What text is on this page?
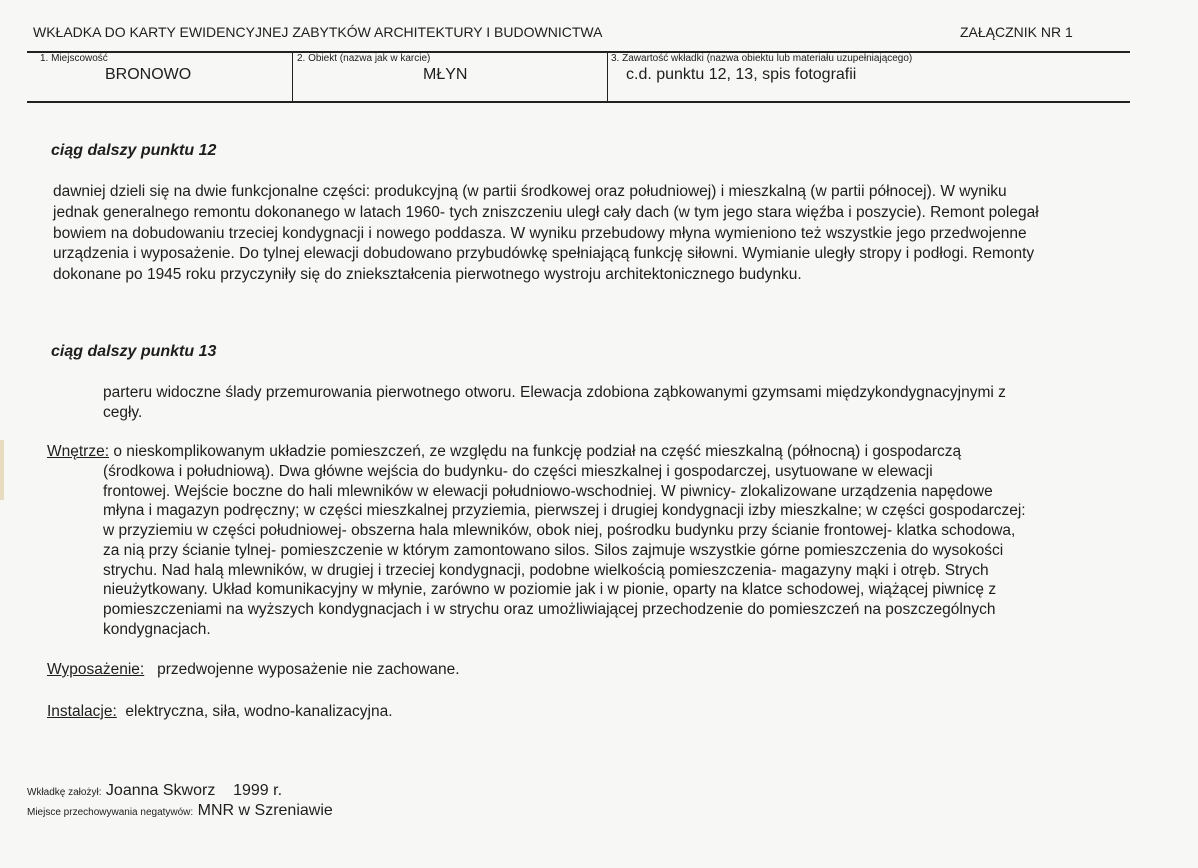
WKŁADKA DO KARTY EWIDENCYJNEJ ZABYTKÓW ARCHITEKTURY I BUDOWNICTWA	ZAŁĄCZNIK NR 1
1. Miejscowość
BRONOWO
2. Obiekt (nazwa jak w karcie)
MŁYN
3. Zawartość wkładki (nazwa obiektu lub materiału uzupełniającego)
c.d. punktu 12, 13, spis fotografii
ciąg dalszy punktu 12
dawniej dzieli się na dwie funkcjonalne części: produkcyjną (w partii środkowej oraz południowej) i mieszkalną (w partii północej). W wyniku
jednak generalnego remontu dokonanego w latach 1960- tych zniszczeniu uległ cały dach (w tym jego stara więźba i poszycie). Remont polegał
bowiem na dobudowaniu trzeciej kondygnacji i nowego poddasza. W wyniku przebudowy młyna wymieniono też wszystkie jego przedwojenne
urządzenia i wyposażenie. Do tylnej elewacji dobudowano przybudówkę spełniającą funkcję siłowni. Wymianie uległy stropy i podłogi. Remonty
dokonane po 1945 roku przyczyniły się do zniekształcenia pierwotnego wystroju architektonicznego budynku.
ciąg dalszy punktu 13
parteru widoczne ślady przemurowania pierwotnego otworu. Elewacja zdobiona ząbkowanymi gzymsami międzykondygnacyjnymi z
cegły.
Wnętrze: o nieskomplikowanym układzie pomieszczeń, ze względu na funkcję podział na część mieszkalną (północną) i gospodarczą
(środkowa i południową). Dwa główne wejścia do budynku- do części mieszkalnej i gospodarczej, usytuowane w elewacji
frontowej. Wejście boczne do hali mlewników w elewacji południowo-wschodniej. W piwnicy- zlokalizowane urządzenia napędowe
młyna i magazyn podręczny; w części mieszkalnej przyziemia, pierwszej i drugiej kondygnacji izby mieszkalne; w części gospodarczej:
w przyziemiu w części południowej- obszerna hala mlewników, obok niej, pośrodku budynku przy ścianie frontowej- klatka schodowa,
za nią przy ścianie tylnej- pomieszczenie w którym zamontowano silos. Silos zajmuje wszystkie górne pomieszczenia do wysokości
strychu. Nad halą mlewników, w drugiej i trzeciej kondygnacji, podobne wielkością pomieszczenia- magazyny mąki i otręb. Strych
nieużytkowany. Układ komunikacyjny w młynie, zarówno w poziomie jak i w pionie, oparty na klatce schodowej, wiążącej piwnicę z
pomieszczeniami na wyższych kondygnacjach i w strychu oraz umożliwiającej przechodzenie do pomieszczeń na poszczególnych
kondygnacjach.
Wyposażenie: przedwojenne wyposażenie nie zachowane.
Instalacje: elektryczna, siła, wodno-kanalizacyjna.
Wkładkę założył: Joanna Skworz 1999 r.
Miejsce przechowywania negatywów: MNR w Szreniawie
